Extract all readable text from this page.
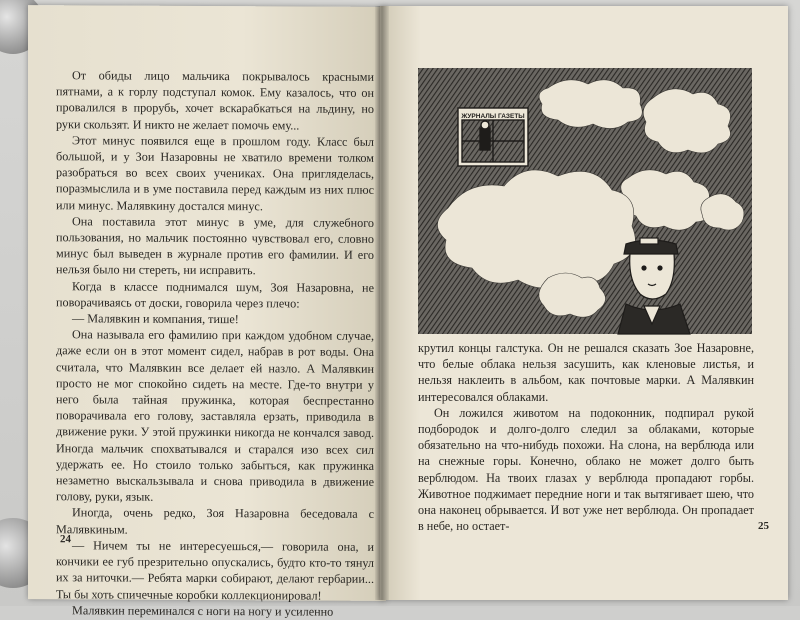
От обиды лицо мальчика покрывалось красными пятнами, а к горлу подступал комок. Ему казалось, что он провалился в прорубь, хочет вскарабкаться на льдину, но руки скользят. И никто не желает помочь ему...

Этот минус появился еще в прошлом году. Класс был большой, и у Зои Назаровны не хватило времени толком разобраться во всех своих учениках. Она пригляделась, поразмыслила и в уме поставила перед каждым из них плюс или минус. Малявкину достался минус.

Она поставила этот минус в уме, для служебного пользования, но мальчик постоянно чувствовал его, словно минус был выведен в журнале против его фамилии. И его нельзя было ни стереть, ни исправить.

Когда в классе поднимался шум, Зоя Назаровна, не поворачиваясь от доски, говорила через плечо:

— Малявкин и компания, тише!

Она называла его фамилию при каждом удобном случае, даже если он в этот момент сидел, набрав в рот воды. Она считала, что Малявкин все делает ей назло. А Малявкин просто не мог спокойно сидеть на месте. Где-то внутри у него была тайная пружинка, которая беспрестанно поворачивала его голову, заставляла ерзать, приводила в движение руки. У этой пружинки никогда не кончался завод. Иногда мальчик спохватывался и старался изо всех сил удержать ее. Но стоило только забыться, как пружинка незаметно выскальзывала и снова приводила в движение голову, руки, язык.

Иногда, очень редко, Зоя Назаровна беседовала с Малявкиным.

— Ничем ты не интересуешься,— говорила она, и кончики ее губ презрительно опускались, будто кто-то тянул их за ниточки.— Ребята марки собирают, делают гербарии... Ты бы хоть спичечные коробки коллекционировал!

Малявкин переминался с ноги на ногу и усиленно

24
ЖУРНАЛЫ ГАЗЕТЫ

крутил концы галстука. Он не решался сказать Зое Назаровне, что белые облака нельзя засушить, как кленовые листья, и нельзя наклеить в альбом, как почтовые марки. А Малявкин интересовался облаками.

Он ложился животом на подоконник, подпирал рукой подбородок и долго-долго следил за облаками, которые обязательно на что-нибудь похожи. На слона, на верблюда или на снежные горы. Конечно, облако не может долго быть верблюдом. На твоих глазах у верблюда пропадают горбы. Животное поджимает передние ноги и так вытягивает шею, что она наконец обрывается. И вот уже нет верблюда. Он пропадает в небе, но остает-	25
